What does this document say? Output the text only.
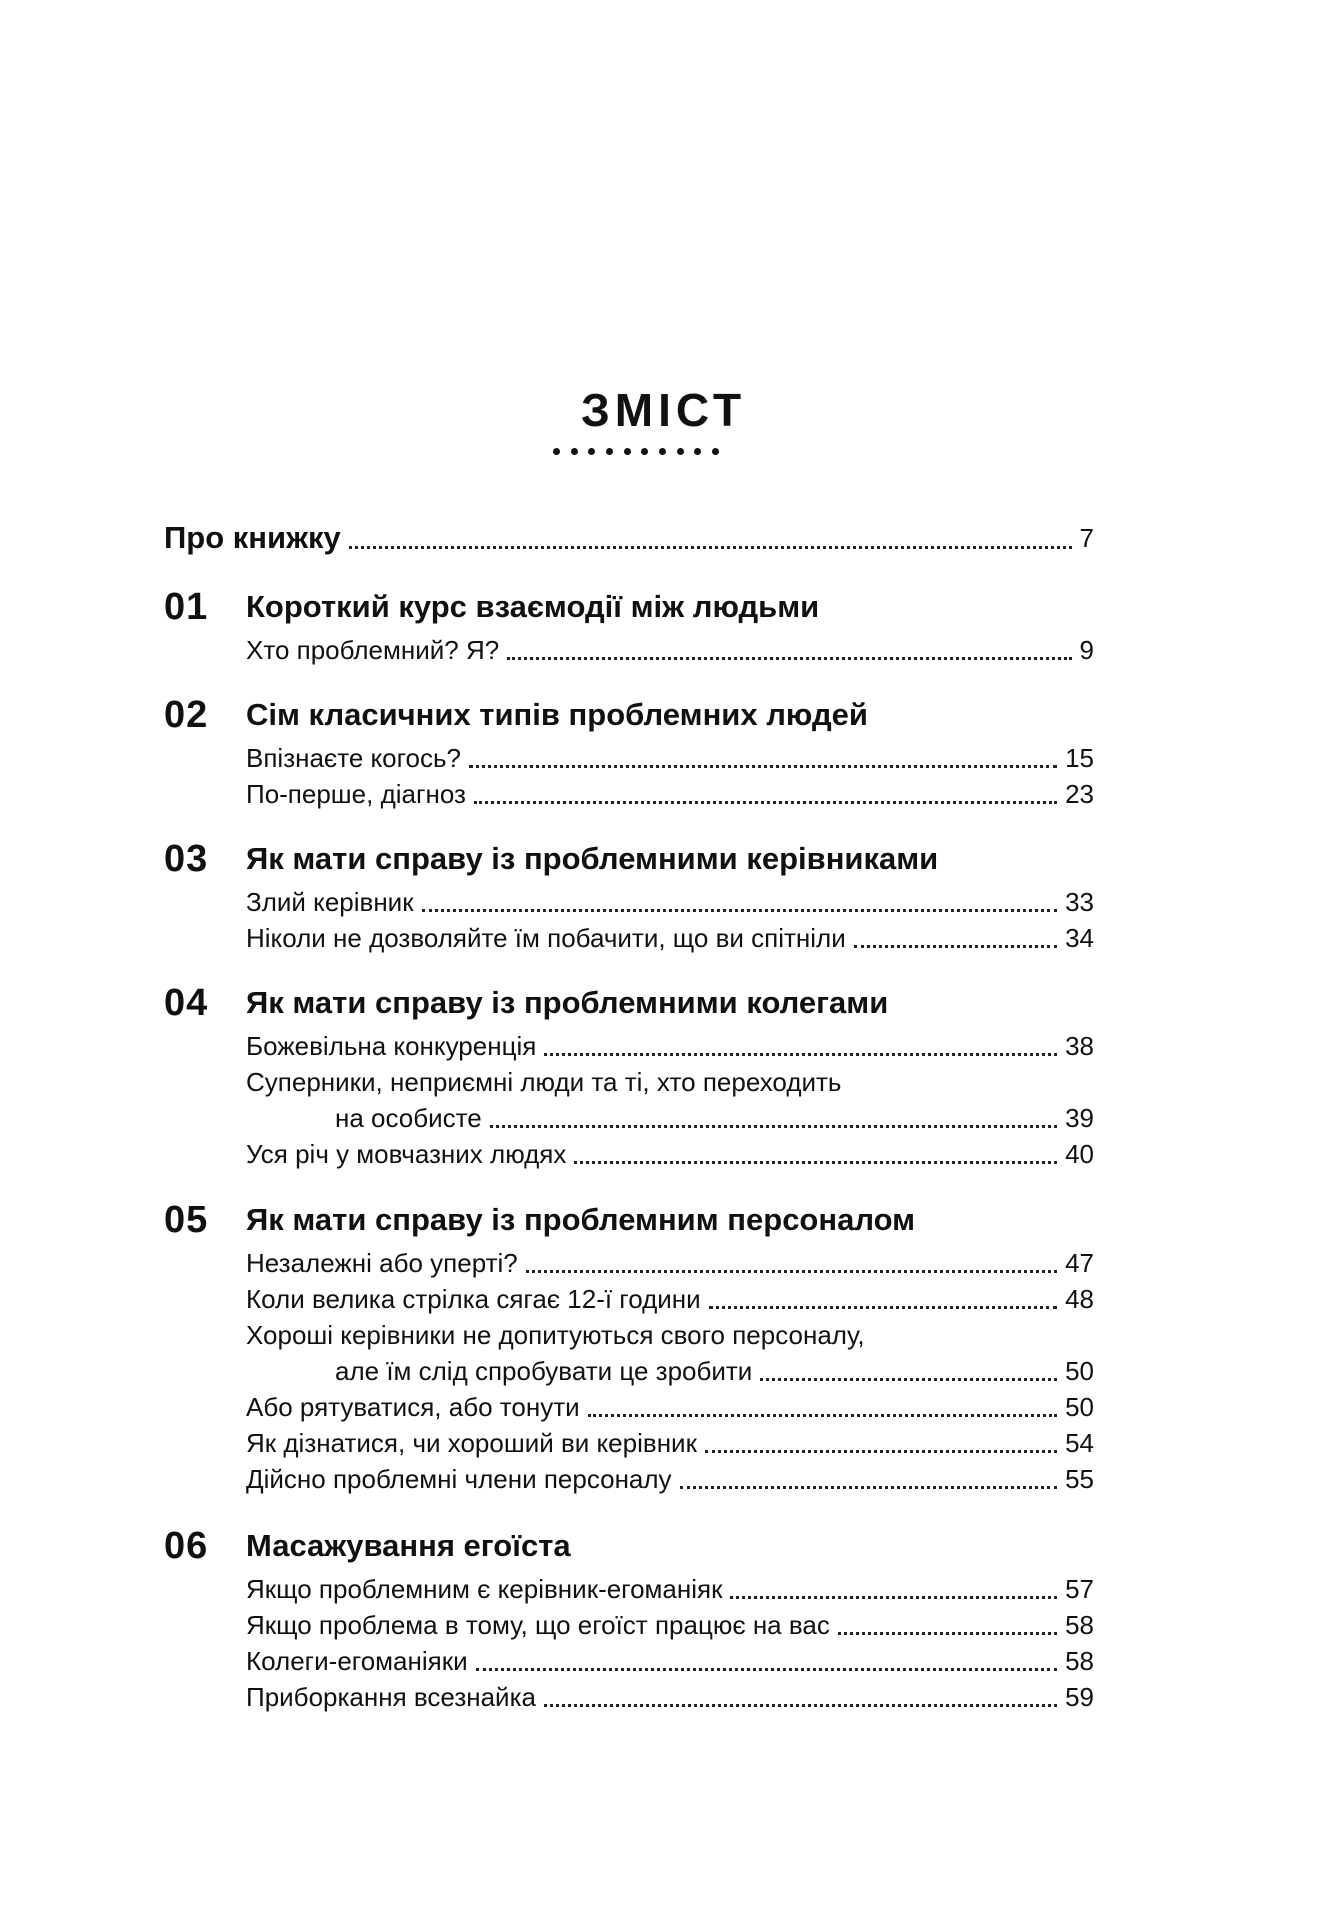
ЗМІСТ
Про книжку	7
01	Короткий курс взаємодії між людьми
Хто проблемний? Я?	9
02	Сім класичних типів проблемних людей
Впізнаєте когось?	15
По-перше, діагноз	23
03	Як мати справу із проблемними керівниками
Злий керівник	33
Ніколи не дозволяйте їм побачити, що ви спітніли	34
04	Як мати справу із проблемними колегами
Божевільна конкуренція	38
Суперники, неприємні люди та ті, хто переходить
на особисте	39
Уся річ у мовчазних людях	40
05	Як мати справу із проблемним персоналом
Незалежні або уперті?	47
Коли велика стрілка сягає 12-ї години	48
Хороші керівники не допитуються свого персоналу,
але їм слід спробувати це зробити	50
Або рятуватися, або тонути	50
Як дізнатися, чи хороший ви керівник	54
Дійсно проблемні члени персоналу	55
06	Масажування егоїста
Якщо проблемним є керівник-егоманіяк	57
Якщо проблема в тому, що егоїст працює на вас	58
Колеги-егоманіяки	58
Приборкання всезнайка	59
